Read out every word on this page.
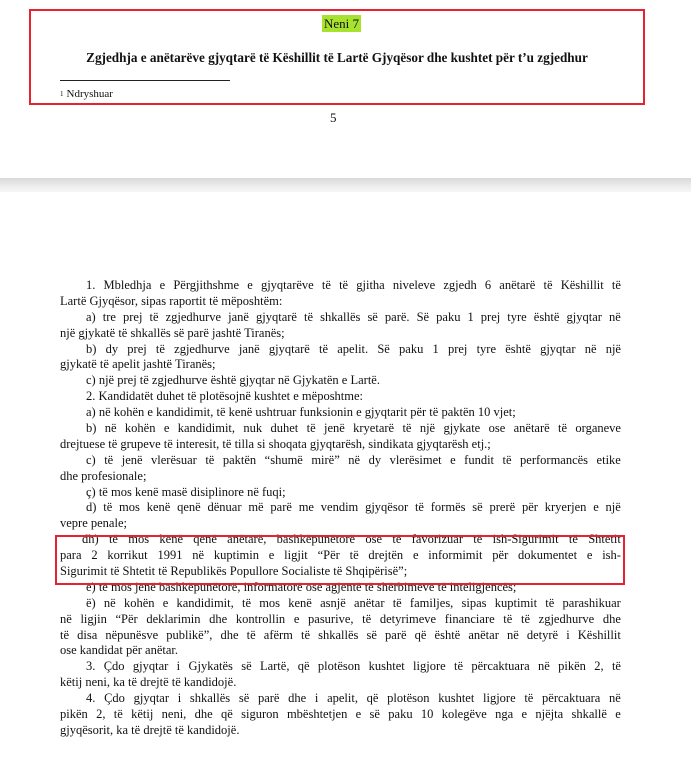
Neni 7
Zgjedhja e anëtarëve gjyqtarë të Këshillit të Lartë Gjyqësor dhe kushtet për t’u zgjedhur
$^1$ Ndryshuar
5
1. Mbledhja e Përgjithshme e gjyqtarëve të të gjitha niveleve zgjedh 6 anëtarë të Këshillit të
Lartë Gjyqësor, sipas raportit të mëposhtëm:
a) tre prej të zgjedhurve janë gjyqtarë të shkallës së parë. Së paku 1 prej tyre është gjyqtar në
një gjykatë të shkallës së parë jashtë Tiranës;
b) dy prej të zgjedhurve janë gjyqtarë të apelit. Së paku 1 prej tyre është gjyqtar në një
gjykatë të apelit jashtë Tiranës;
c) një prej të zgjedhurve është gjyqtar në Gjykatën e Lartë.
2. Kandidatët duhet të plotësojnë kushtet e mëposhtme:
a) në kohën e kandidimit, të kenë ushtruar funksionin e gjyqtarit për të paktën 10 vjet;
b) në kohën e kandidimit, nuk duhet të jenë kryetarë të një gjykate ose anëtarë të organeve
drejtuese të grupeve të interesit, të tilla si shoqata gjyqtarësh, sindikata gjyqtarësh etj.;
c) të jenë vlerësuar të paktën “shumë mirë” në dy vlerësimet e fundit të performancës etike
dhe profesionale;
ç) të mos kenë masë disiplinore në fuqi;
d) të mos kenë qenë dënuar më parë me vendim gjyqësor të formës së prerë për kryerjen e një
vepre penale;
dh) të mos kenë qenë anëtarë, bashkëpunëtorë ose të favorizuar të ish-Sigurimit të Shtetit
para 2 korrikut 1991 në kuptimin e ligjit “Për të drejtën e informimit për dokumentet e ish-
Sigurimit të Shtetit të Republikës Popullore Socialiste të Shqipërisë”;
e) të mos jenë bashkëpunëtorë, informatorë ose agjentë të shërbimeve të inteligjencës;
ë) në kohën e kandidimit, të mos kenë asnjë anëtar të familjes, sipas kuptimit të parashikuar
në ligjin “Për deklarimin dhe kontrollin e pasurive, të detyrimeve financiare të të zgjedhurve dhe
të disa nëpunësve publikë”, dhe të afërm të shkallës së parë që është anëtar në detyrë i Këshillit
ose kandidat për anëtar.
3. Çdo gjyqtar i Gjykatës së Lartë, që plotëson kushtet ligjore të përcaktuara në pikën 2, të
këtij neni, ka të drejtë të kandidojë.
4. Çdo gjyqtar i shkallës së parë dhe i apelit, që plotëson kushtet ligjore të përcaktuara në
pikën 2, të këtij neni, dhe që siguron mbështetjen e së paku 10 kolegëve nga e njëjta shkallë e
gjyqësorit, ka të drejtë të kandidojë.
